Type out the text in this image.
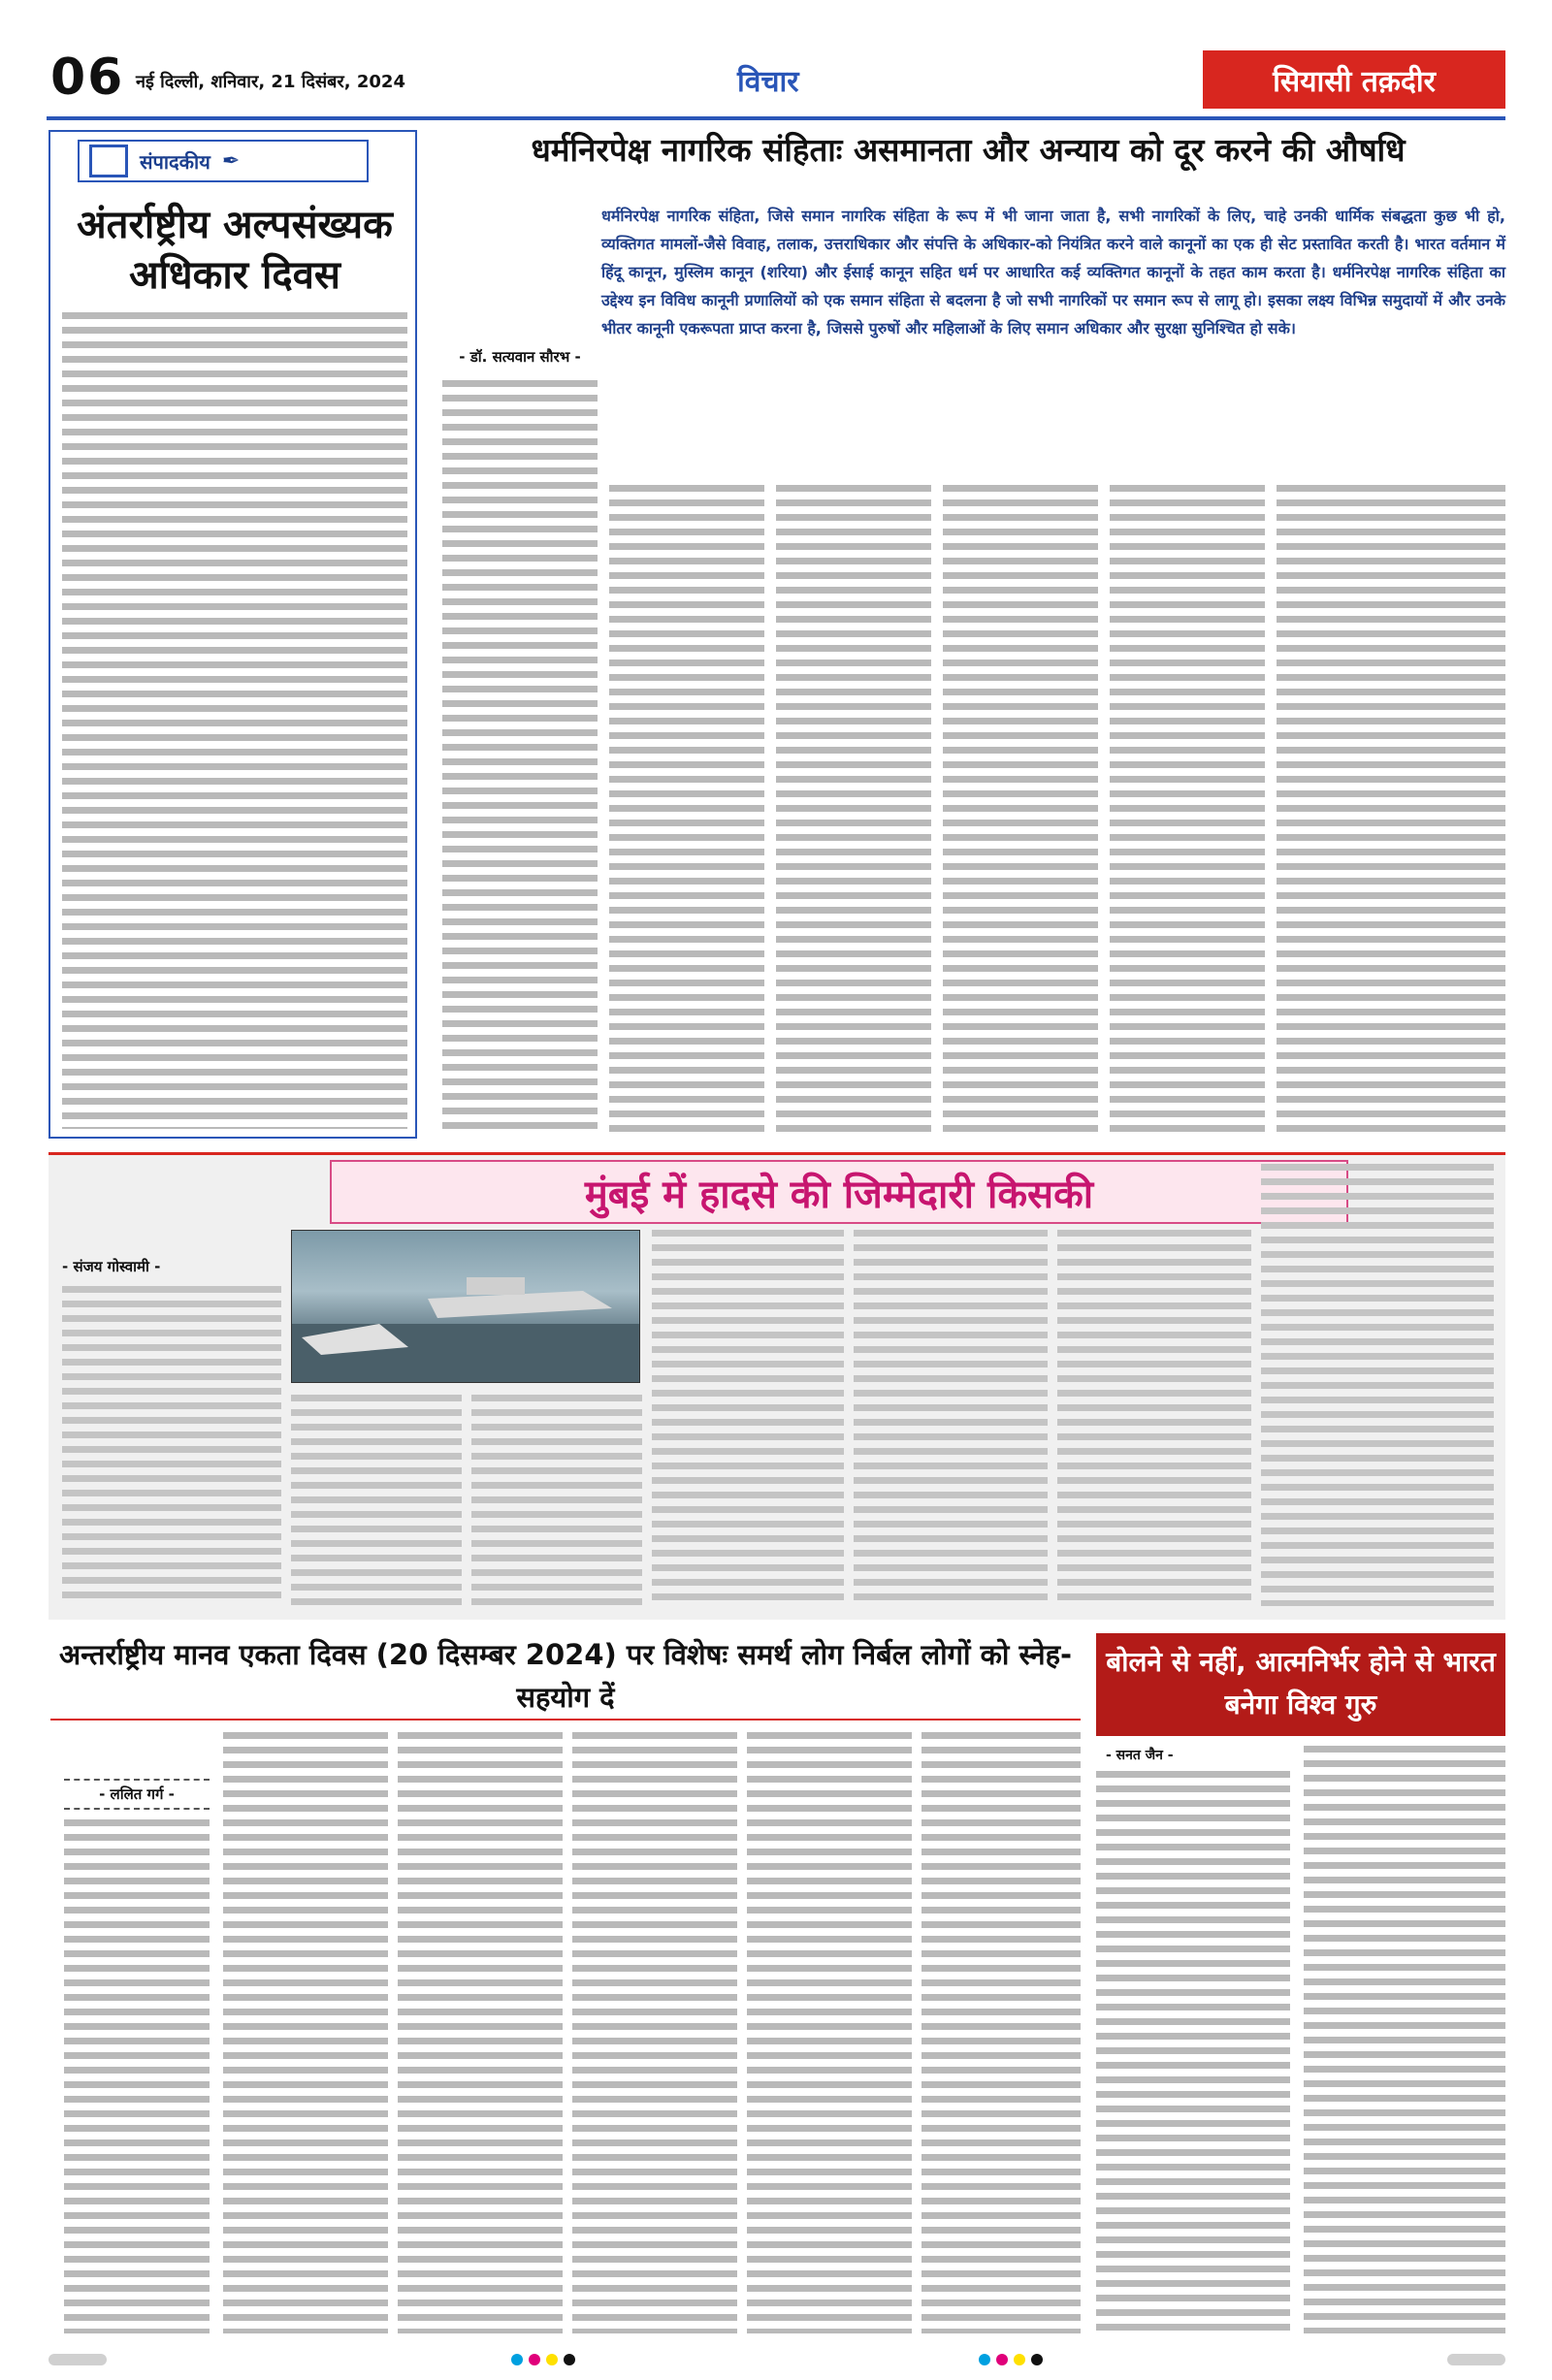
06 नई दिल्ली, शनिवार, 21 दिसंबर, 2024	विचार	सियासी तक़दीर
संपादकीय ✒
अंतर्राष्ट्रीय अल्पसंख्यक अधिकार दिवस
धर्मनिरपेक्ष नागरिक संहिताः असमानता और अन्याय को दूर करने की औषधि
धर्मनिरपेक्ष नागरिक संहिता, जिसे समान नागरिक संहिता के रूप में भी जाना जाता है, सभी नागरिकों के लिए, चाहे उनकी धार्मिक संबद्धता कुछ भी हो, व्यक्तिगत मामलों-जैसे विवाह, तलाक, उत्तराधिकार और संपत्ति के अधिकार-को नियंत्रित करने वाले कानूनों का एक ही सेट प्रस्तावित करती है। भारत वर्तमान में हिंदू कानून, मुस्लिम कानून (शरिया) और ईसाई कानून सहित धर्म पर आधारित कई व्यक्तिगत कानूनों के तहत काम करता है। धर्मनिरपेक्ष नागरिक संहिता का उद्देश्य इन विविध कानूनी प्रणालियों को एक समान संहिता से बदलना है जो सभी नागरिकों पर समान रूप से लागू हो। इसका लक्ष्य विभिन्न समुदायों में और उनके भीतर कानूनी एकरूपता प्राप्त करना है, जिससे पुरुषों और महिलाओं के लिए समान अधिकार और सुरक्षा सुनिश्चित हो सके।
- डॉ. सत्यवान सौरभ -
मुंबई में हादसे की जिम्मेदारी किसकी
- संजय गोस्वामी -
अन्तर्राष्ट्रीय मानव एकता दिवस (20 दिसम्बर 2024) पर विशेषः समर्थ लोग निर्बल लोगों को स्नेह-सहयोग दें
- ललित गर्ग -
बोलने से नहीं, आत्मनिर्भर होने से भारत बनेगा विश्व गुरु
- सनत जैन -
